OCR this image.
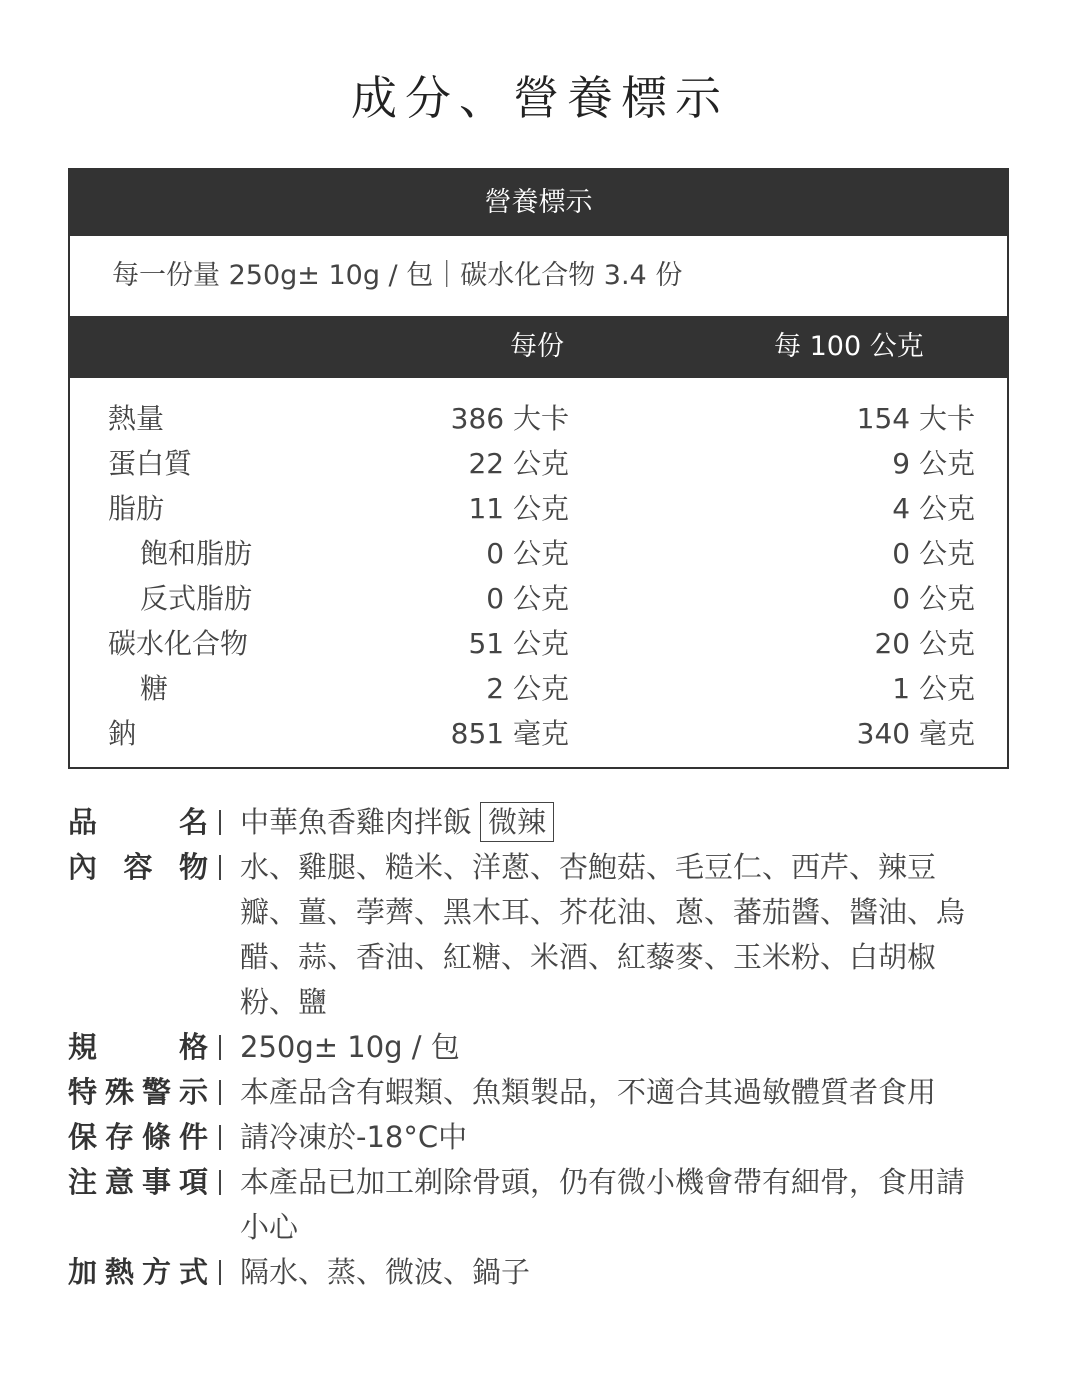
成分、營養標示
營養標示
每一份量 250g± 10g / 包｜碳水化合物 3.4 份
每份	每 100 公克
熱量	386 大卡	154 大卡
蛋白質	22 公克	9 公克
脂肪	11 公克	4 公克
飽和脂肪	0 公克	0 公克
反式脂肪	0 公克	0 公克
碳水化合物	51 公克	20 公克
糖	2 公克	1 公克
鈉	851 毫克	340 毫克
品	名 中華魚香雞肉拌飯 微辣
內 容 物 水、雞腿、糙米、洋蔥、杏鮑菇、毛豆仁、西芹、辣豆
瓣、薑、荸薺、黑木耳、芥花油、蔥、蕃茄醬、醬油、烏
醋、蒜、香油、紅糖、米酒、紅藜麥、玉米粉、白胡椒
粉、鹽
規	格 250g± 10g / 包
特 殊 警 示 本產品含有蝦類、魚類製品，不適合其過敏體質者食用
保 存 條 件 請冷凍於-18°C中
注 意 事 項 本產品已加工剃除骨頭，仍有微小機會帶有細骨，食用請
小心
加 熱 方 式 隔水、蒸、微波、鍋子
